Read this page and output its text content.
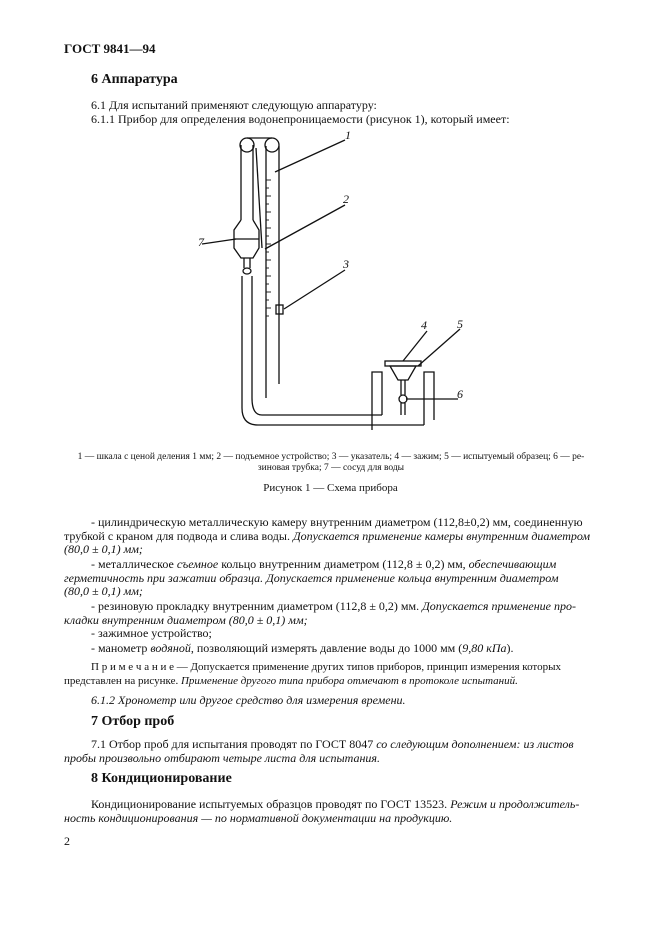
ГОСТ 9841—94
6 Аппаратура
6.1 Для испытаний применяют следующую аппаратуру:
6.1.1 Прибор для определения водонепроницаемости (рисунок 1), который имеет:
1
2
3
4	5
6
7
1 — шкала с ценой деления 1 мм; 2 — подъемное устройство; 3 — указатель; 4 — зажим; 5 — испытуемый образец; 6 — ре-
зиновая трубка; 7 — сосуд для воды
Рисунок 1 — Схема прибора
- цилиндрическую металлическую камеру внутренним диаметром (112,8±0,2) мм, соединенную
трубкой с краном для подвода и слива воды. Допускается применение камеры внутренним диаметром
(80,0 ± 0,1) мм;
- металлическое съемное кольцо внутренним диаметром (112,8 ± 0,2) мм, обеспечивающим
герметичность при зажатии образца. Допускается применение кольца внутренним диаметром
(80,0 ± 0,1) мм;
- резиновую прокладку внутренним диаметром (112,8 ± 0,2) мм. Допускается применение про-
кладки внутренним диаметром (80,0 ± 0,1) мм;
- зажимное устройство;
- манометр водяной, позволяющий измерять давление воды до 1000 мм (9,80 кПа).
П р и м е ч а н и е — Допускается применение других типов приборов, принцип измерения которых
представлен на рисунке. Применение другого типа прибора отмечают в протоколе испытаний.
6.1.2 Хронометр или другое средство для измерения времени.
7 Отбор проб
7.1 Отбор проб для испытания проводят по ГОСТ 8047 со следующим дополнением: из листов
пробы произвольно отбирают четыре листа для испытания.
8 Кондиционирование
Кондиционирование испытуемых образцов проводят по ГОСТ 13523. Режим и продолжитель-
ность кондиционирования — по нормативной документации на продукцию.
2
